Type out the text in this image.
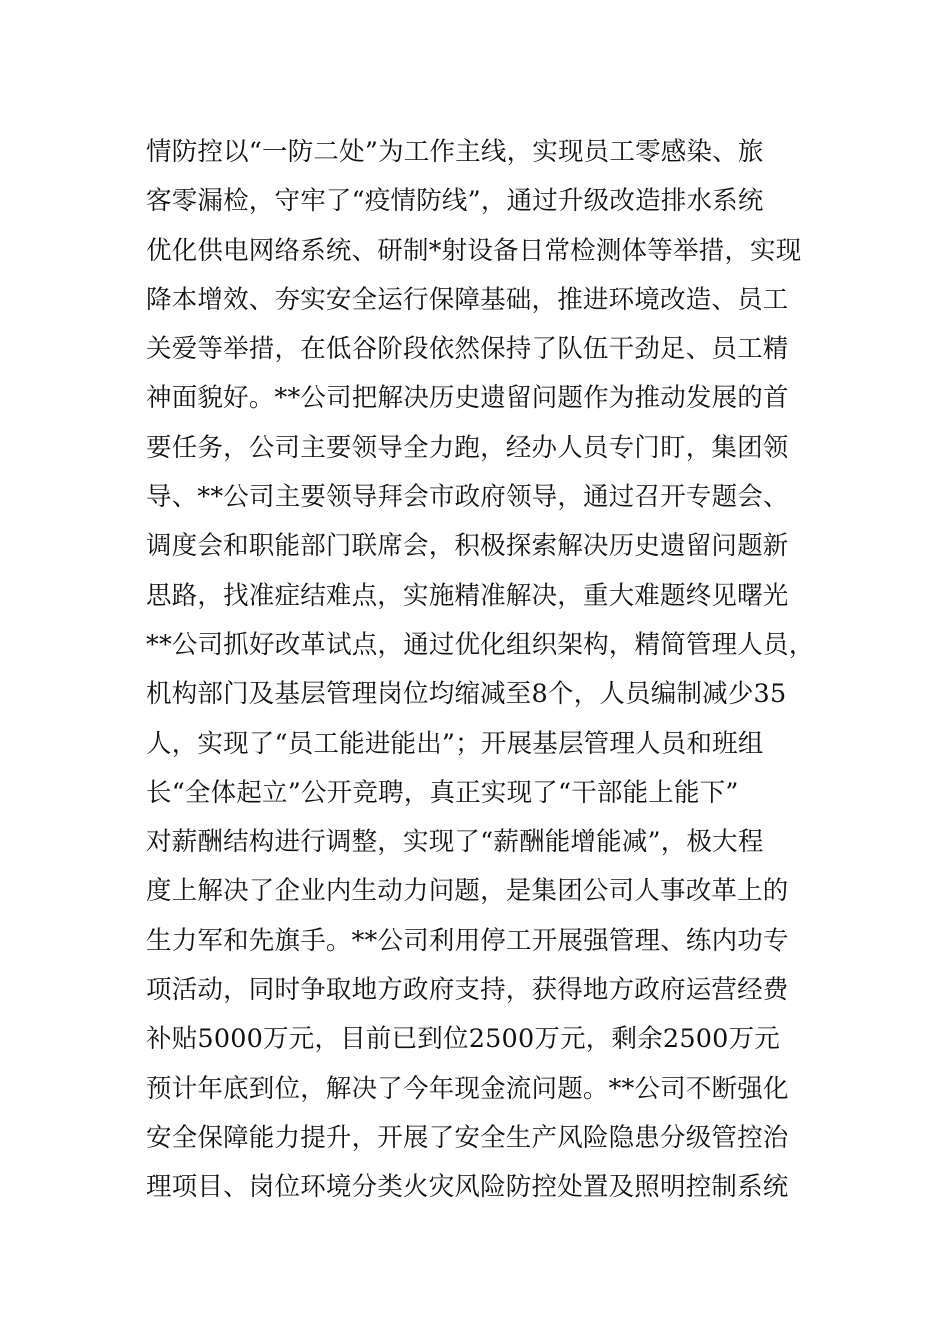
情防控以“一防二处”为工作主线，实现员工零感染、旅
客零漏检，守牢了“疫情防线”，通过升级改造排水系统
优化供电网络系统、研制*射设备日常检测体等举措，实现
降本增效、夯实安全运行保障基础，推进环境改造、员工
关爱等举措，在低谷阶段依然保持了队伍干劲足、员工精
神面貌好。**公司把解决历史遗留问题作为推动发展的首
要任务，公司主要领导全力跑，经办人员专门盯，集团领
导、**公司主要领导拜会市政府领导，通过召开专题会、
调度会和职能部门联席会，积极探索解决历史遗留问题新
思路，找准症结难点，实施精准解决，重大难题终见曙光
**公司抓好改革试点，通过优化组织架构，精简管理人员，
机构部门及基层管理岗位均缩减至8个，人员编制减少35
人，实现了“员工能进能出”；开展基层管理人员和班组
长“全体起立”公开竞聘，真正实现了“干部能上能下”
对薪酬结构进行调整，实现了“薪酬能增能减”，极大程
度上解决了企业内生动力问题，是集团公司人事改革上的
生力军和先旗手。**公司利用停工开展强管理、练内功专
项活动，同时争取地方政府支持，获得地方政府运营经费
补贴5000万元，目前已到位2500万元，剩余2500万元
预计年底到位，解决了今年现金流问题。**公司不断强化
安全保障能力提升，开展了安全生产风险隐患分级管控治
理项目、岗位环境分类火灾风险防控处置及照明控制系统
